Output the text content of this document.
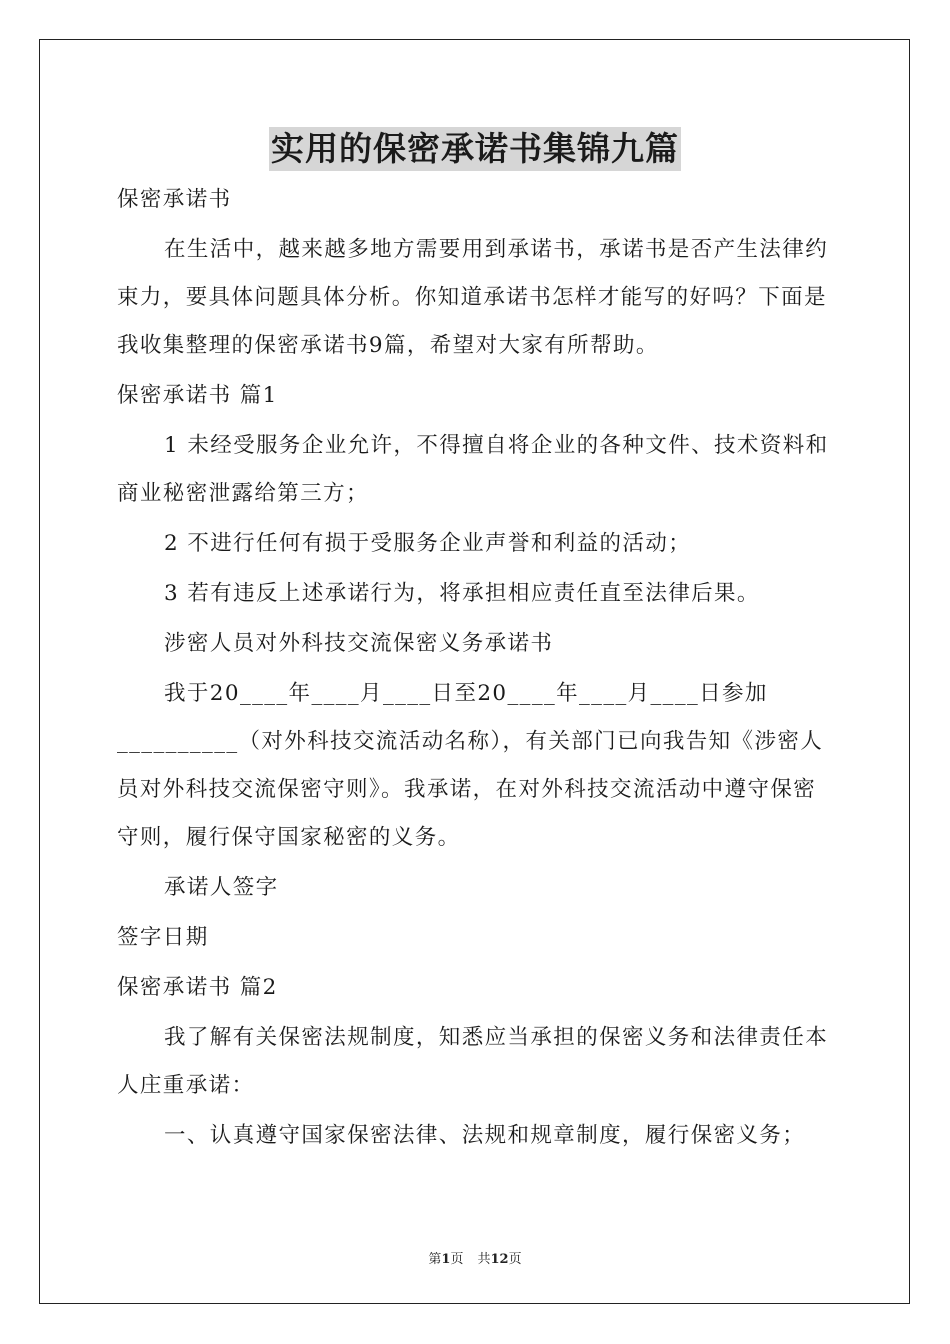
实用的保密承诺书集锦九篇

保密承诺书

在生活中，越来越多地方需要用到承诺书，承诺书是否产生法律约束力，要具体问题具体分析。你知道承诺书怎样才能写的好吗？下面是我收集整理的保密承诺书9篇，希望对大家有所帮助。

保密承诺书 篇1

1 未经受服务企业允许，不得擅自将企业的各种文件、技术资料和商业秘密泄露给第三方；

2 不进行任何有损于受服务企业声誉和利益的活动；

3 若有违反上述承诺行为，将承担相应责任直至法律后果。

涉密人员对外科技交流保密义务承诺书

我于20____年____月____日至20____年____月____日参加 __________（对外科技交流活动名称），有关部门已向我告知《涉密人员对外科技交流保密守则》。我承诺，在对外科技交流活动中遵守保密守则，履行保守国家秘密的义务。

承诺人签字

签字日期

保密承诺书 篇2

我了解有关保密法规制度，知悉应当承担的保密义务和法律责任本人庄重承诺：

一、认真遵守国家保密法律、法规和规章制度，履行保密义务；

第1页 共12页
